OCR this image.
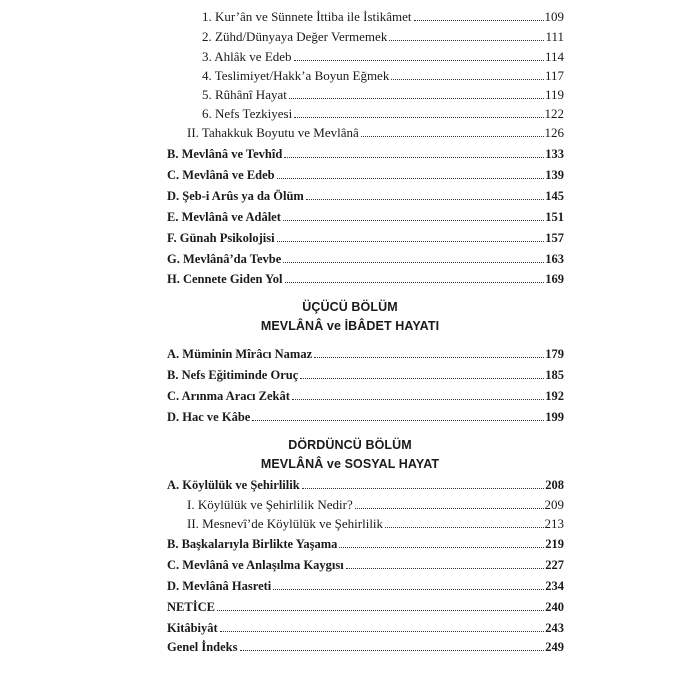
1. Kur’ân ve Sünnete İttiba ile İstikâmet	109
2. Zühd/Dünyaya Değer Vermemek	111
3. Ahlâk ve Edeb	114
4. Teslimiyet/Hakk’a Boyun Eğmek	117
5. Rûhânî Hayat	119
6. Nefs Tezkiyesi	122
II. Tahakkuk Boyutu ve Mevlânâ	126
B. Mevlânâ ve Tevhîd	133
C. Mevlânâ ve Edeb	139
D. Şeb-i Arûs ya da Ölüm	145
E. Mevlânâ ve Adâlet	151
F. Günah Psikolojisi	157
G. Mevlânâ’da Tevbe	163
H. Cennete Giden Yol	169
ÜÇÜCÜ BÖLÜM
MEVLÂNÂ ve İBÂDET HAYATI
A. Müminin Mîrâcı Namaz	179
B. Nefs Eğitiminde Oruç	185
C. Arınma Aracı Zekât	192
D. Hac ve Kâbe	199
DÖRDÜNCÜ BÖLÜM
MEVLÂNÂ ve SOSYAL HAYAT
A. Köylülük ve Şehirlilik	208
I. Köylülük ve Şehirlilik Nedir?	209
II. Mesnevî’de Köylülük ve Şehirlilik	213
B. Başkalarıyla Birlikte Yaşama	219
C. Mevlânâ ve Anlaşılma Kaygısı	227
D. Mevlânâ Hasreti	234
NETİCE	240
Kitâbiyât	243
Genel İndeks	249
